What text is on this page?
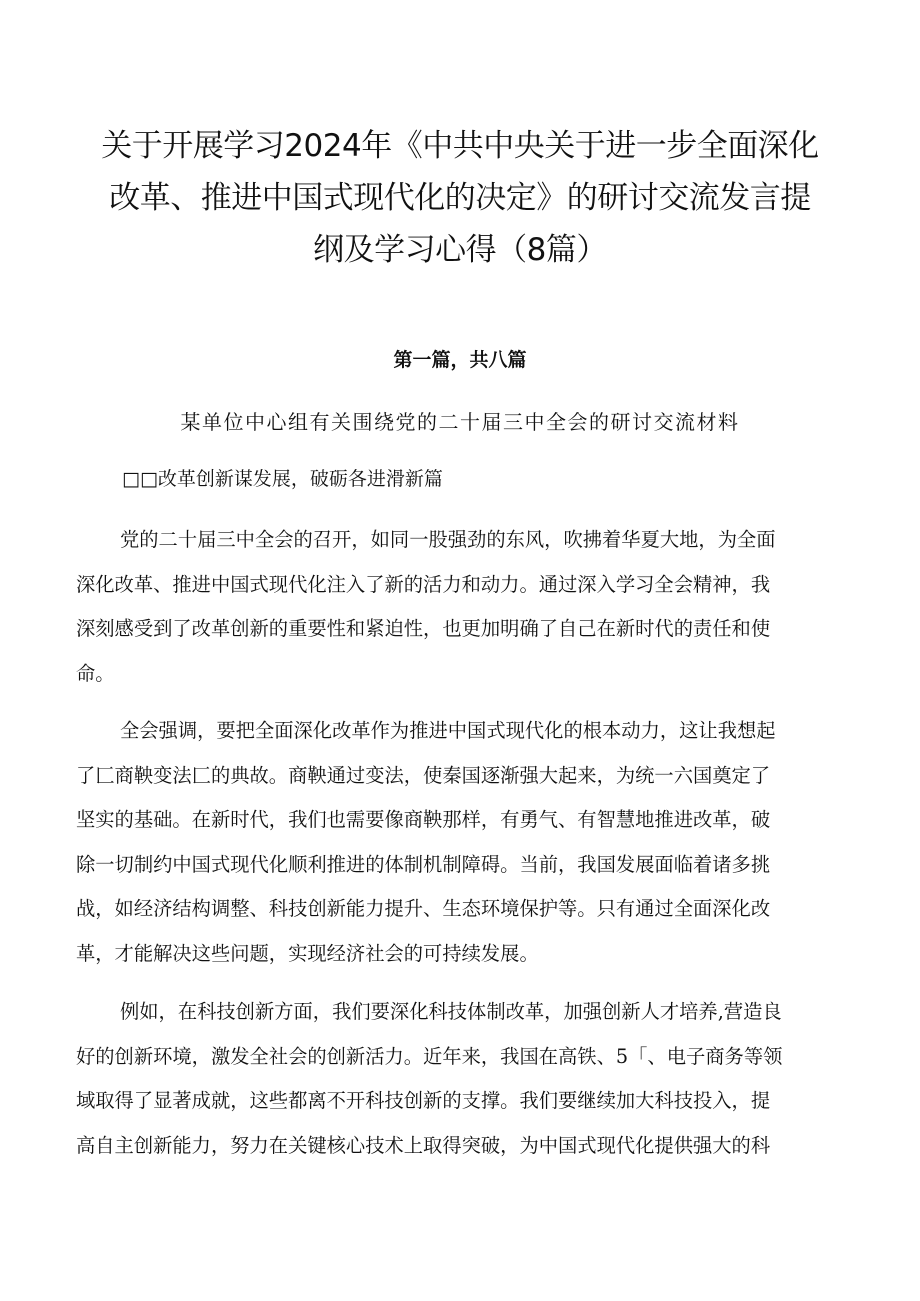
关于开展学习2024年《中共中央关于进一步全面深化
改革、推进中国式现代化的决定》的研讨交流发言提
纲及学习心得（8篇）
第一篇，共八篇
某单位中心组有关围绕党的二十届三中全会的研讨交流材料
□□改革创新谋发展，破砺各进滑新篇
党的二十届三中全会的召开，如同一股强劲的东风，吹拂着华夏大地，为全面
深化改革、推进中国式现代化注入了新的活力和动力。通过深入学习全会精神，我
深刻感受到了改革创新的重要性和紧迫性，也更加明确了自己在新时代的责任和使
命。
全会强调，要把全面深化改革作为推进中国式现代化的根本动力，这让我想起
了匚商鞅变法匚的典故。商鞅通过变法，使秦国逐渐强大起来，为统一六国奠定了
坚实的基础。在新时代，我们也需要像商鞅那样，有勇气、有智慧地推进改革，破
除一切制约中国式现代化顺利推进的体制机制障碍。当前，我国发展面临着诸多挑
战，如经济结构调整、科技创新能力提升、生态环境保护等。只有通过全面深化改
革，才能解决这些问题，实现经济社会的可持续发展。
例如，在科技创新方面，我们要深化科技体制改革，加强创新人才培养,营造良
好的创新环境，激发全社会的创新活力。近年来，我国在高铁、5「、电子商务等领
域取得了显著成就，这些都离不开科技创新的支撑。我们要继续加大科技投入，提
高自主创新能力，努力在关键核心技术上取得突破，为中国式现代化提供强大的科
